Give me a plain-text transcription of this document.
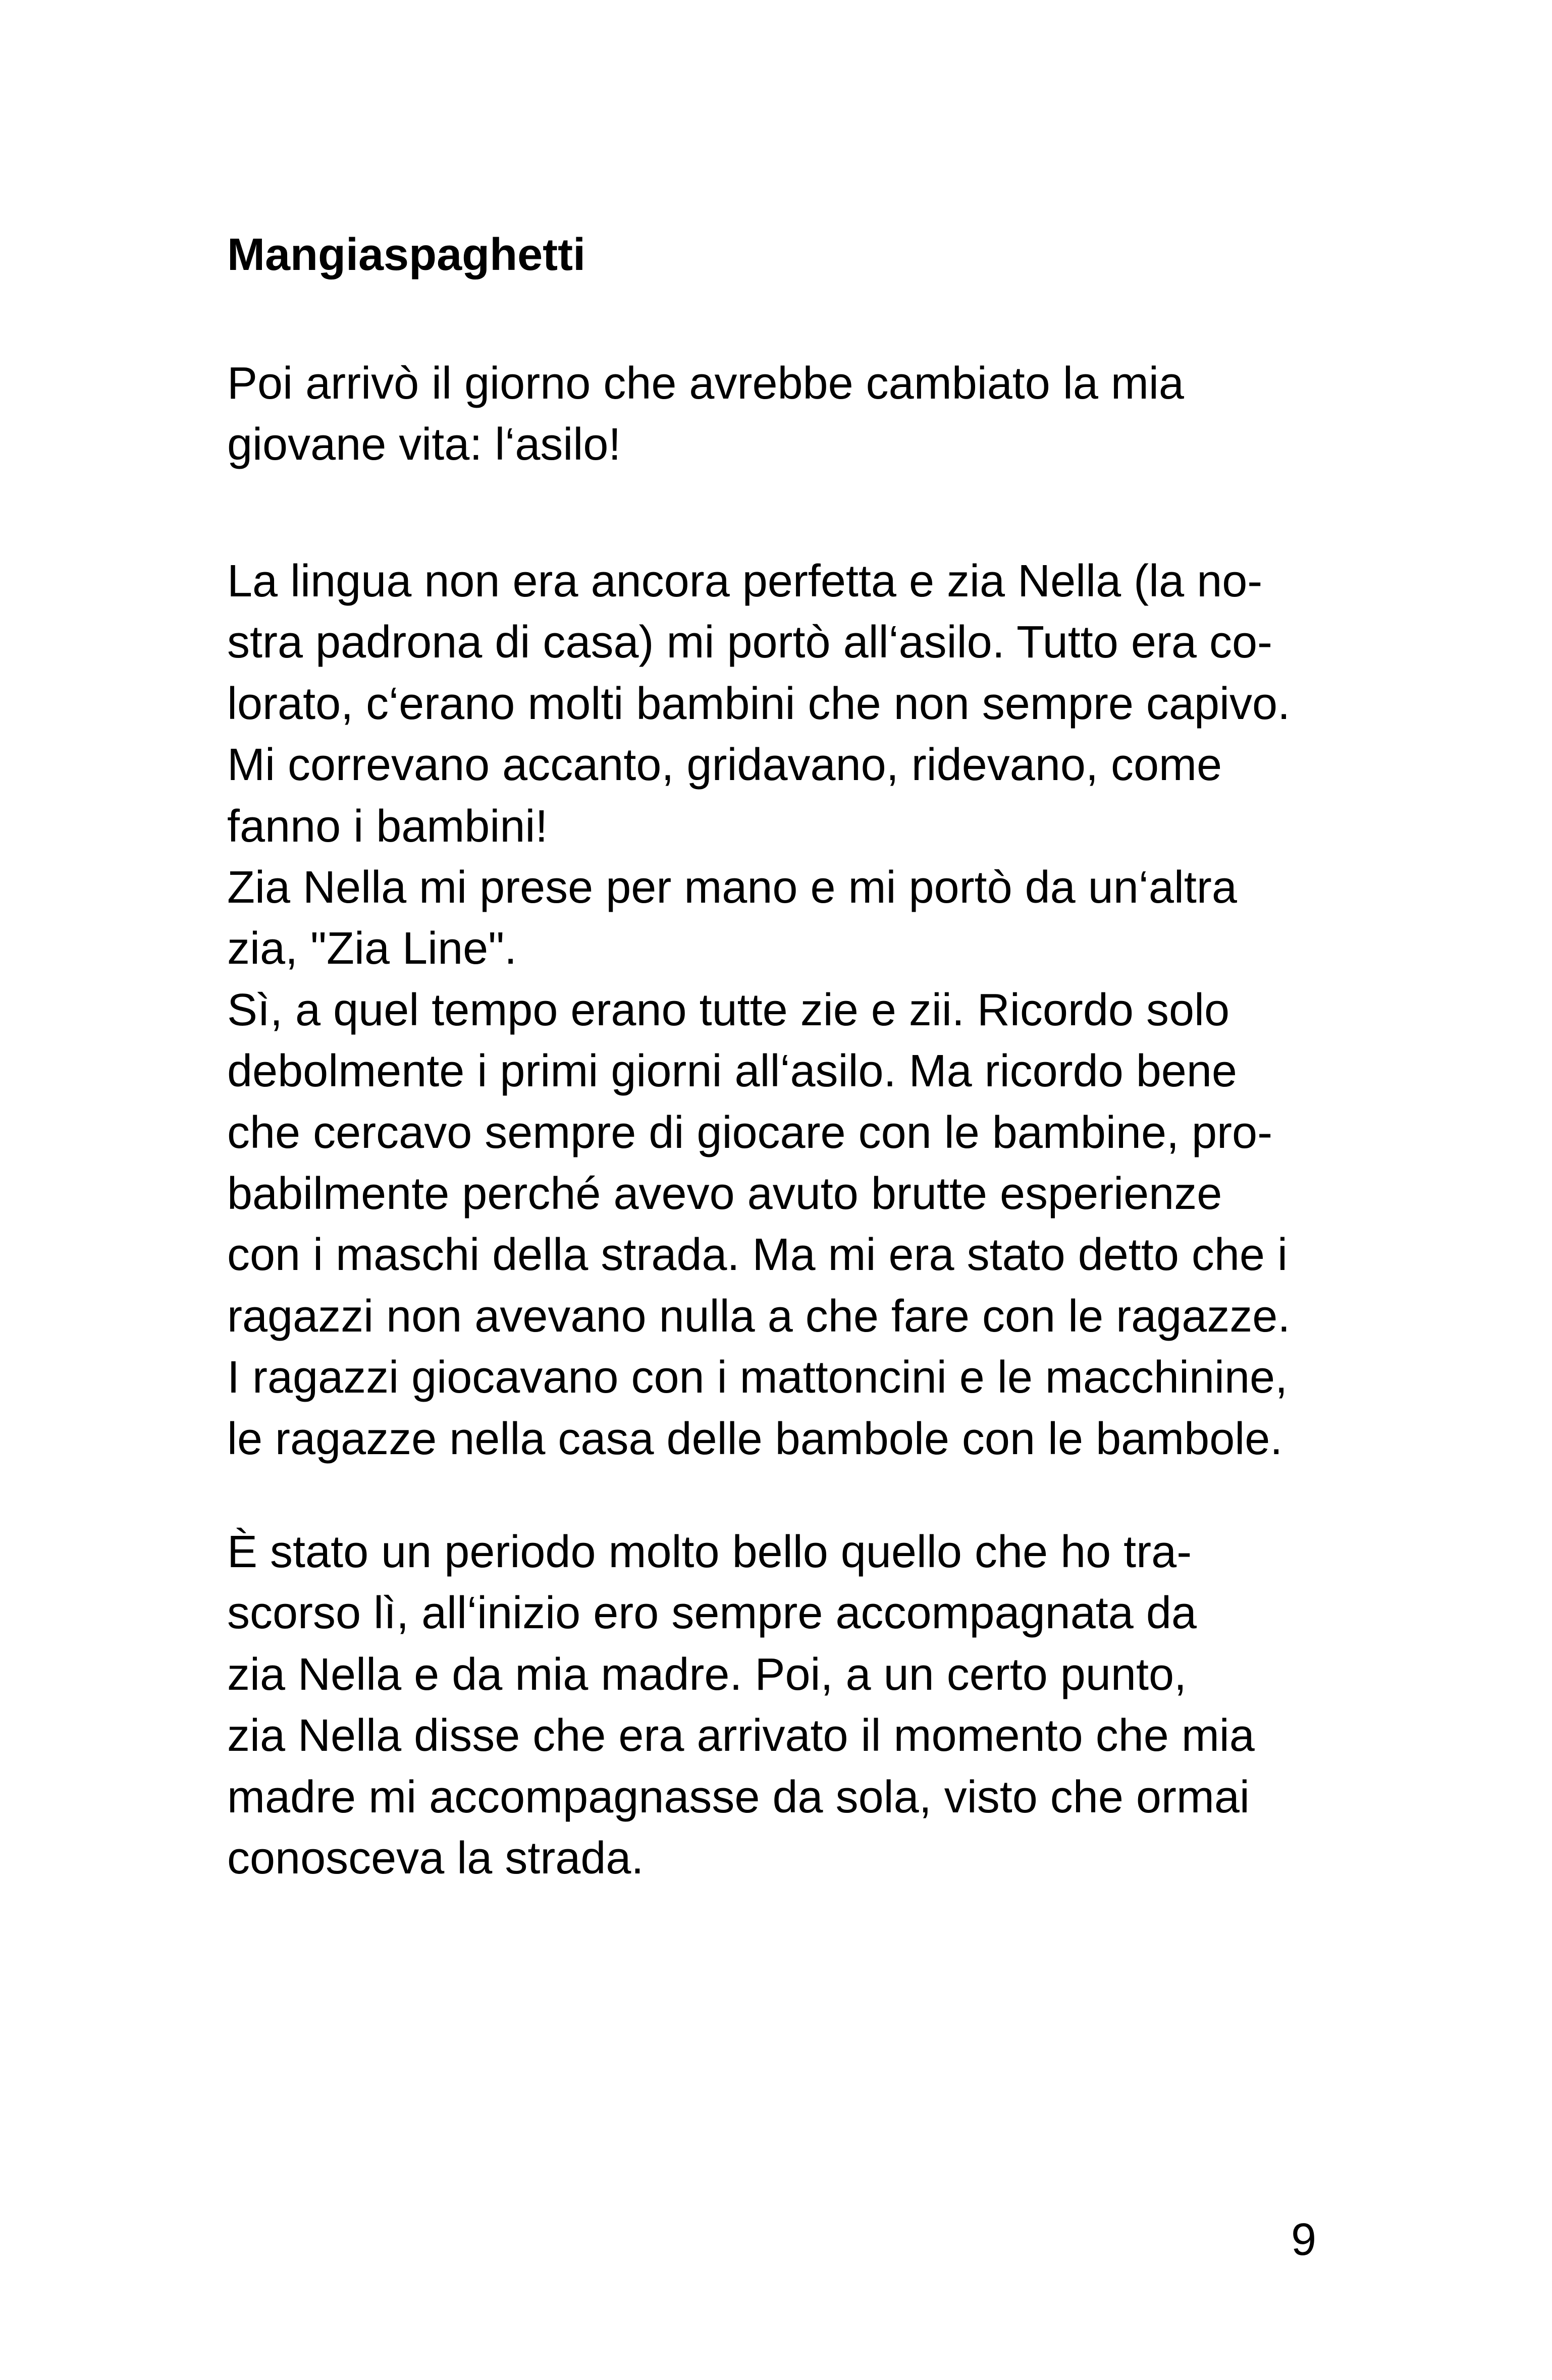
Mangiaspaghetti

Poi arrivò il giorno che avrebbe cambiato la mia
giovane vita: l‘asilo!

La lingua non era ancora perfetta e zia Nella (la no-
stra padrona di casa) mi portò all‘asilo. Tutto era co-
lorato, c‘erano molti bambini che non sempre capivo.
Mi correvano accanto, gridavano, ridevano, come
fanno i bambini!
Zia Nella mi prese per mano e mi portò da un‘altra
zia, "Zia Line".
Sì, a quel tempo erano tutte zie e zii. Ricordo solo
debolmente i primi giorni all‘asilo. Ma ricordo bene
che cercavo sempre di giocare con le bambine, pro-
babilmente perché avevo avuto brutte esperienze
con i maschi della strada. Ma mi era stato detto che i
ragazzi non avevano nulla a che fare con le ragazze.
I ragazzi giocavano con i mattoncini e le macchinine,
le ragazze nella casa delle bambole con le bambole.

È stato un periodo molto bello quello che ho tra-
scorso lì, all‘inizio ero sempre accompagnata da
zia Nella e da mia madre. Poi, a un certo punto,
zia Nella disse che era arrivato il momento che mia
madre mi accompagnasse da sola, visto che ormai
conosceva la strada.

9
